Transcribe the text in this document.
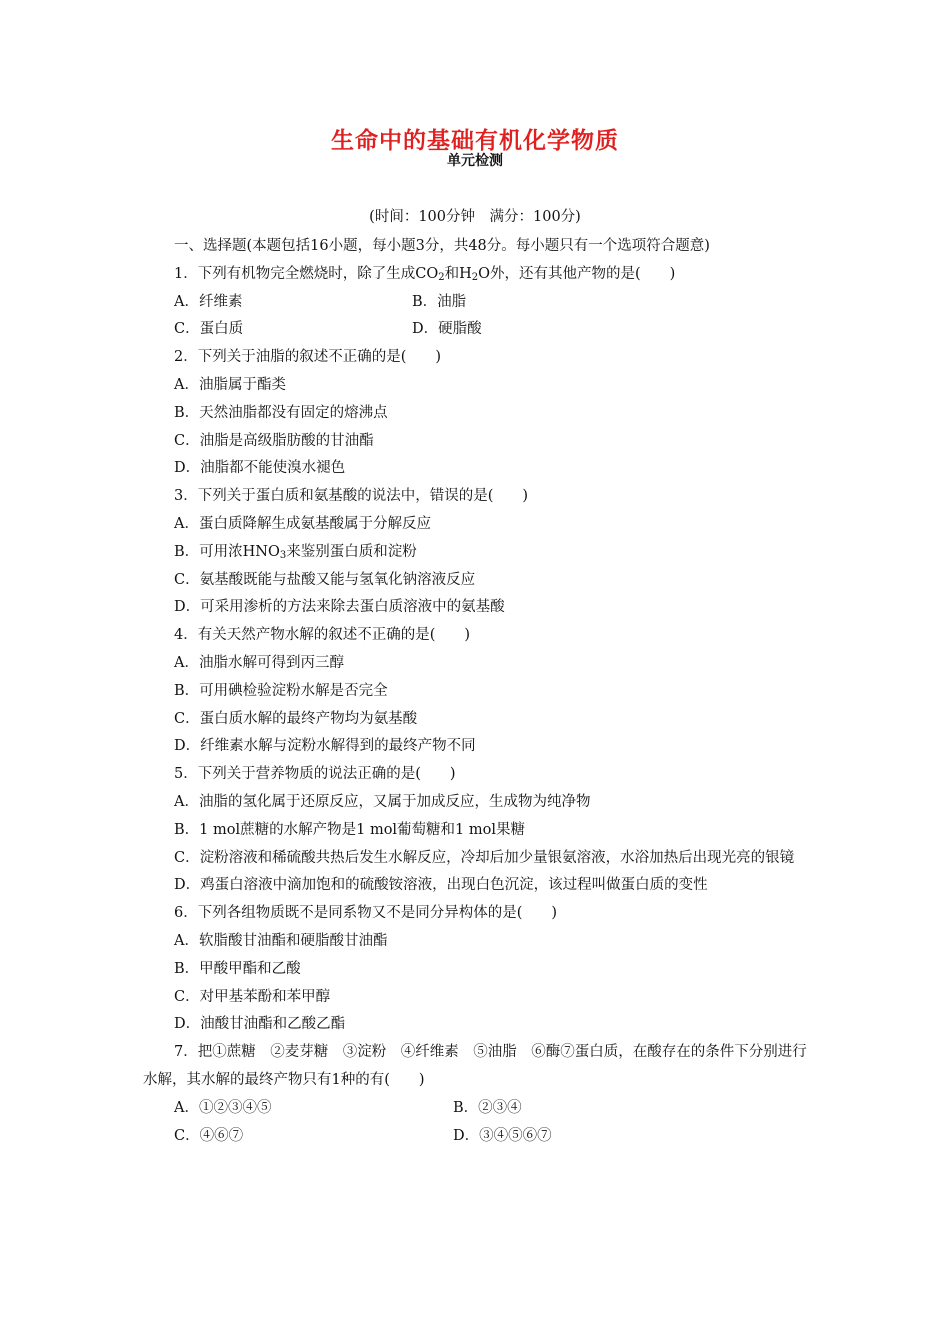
生命中的基础有机化学物质
单元检测
(时间：100分钟　满分：100分)
一、选择题(本题包括16小题，每小题3分，共48分。每小题只有一个选项符合题意)
1．下列有机物完全燃烧时，除了生成$CO_2$和$H_2O$外，还有其他产物的是(　　)
A．纤维素	B．油脂
C．蛋白质	D．硬脂酸
2．下列关于油脂的叙述不正确的是(　　)
A．油脂属于酯类
B．天然油脂都没有固定的熔沸点
C．油脂是高级脂肪酸的甘油酯
D．油脂都不能使溴水褪色
3．下列关于蛋白质和氨基酸的说法中，错误的是(　　)
A．蛋白质降解生成氨基酸属于分解反应
B．可用浓$HNO_3$来鉴别蛋白质和淀粉
C．氨基酸既能与盐酸又能与氢氧化钠溶液反应
D．可采用渗析的方法来除去蛋白质溶液中的氨基酸
4．有关天然产物水解的叙述不正确的是(　　)
A．油脂水解可得到丙三醇
B．可用碘检验淀粉水解是否完全
C．蛋白质水解的最终产物均为氨基酸
D．纤维素水解与淀粉水解得到的最终产物不同
5．下列关于营养物质的说法正确的是(　　)
A．油脂的氢化属于还原反应，又属于加成反应，生成物为纯净物
B．1 mol蔗糖的水解产物是1 mol葡萄糖和1 mol果糖
C．淀粉溶液和稀硫酸共热后发生水解反应，冷却后加少量银氨溶液，水浴加热后出现光亮的银镜
D．鸡蛋白溶液中滴加饱和的硫酸铵溶液，出现白色沉淀，该过程叫做蛋白质的变性
6．下列各组物质既不是同系物又不是同分异构体的是(　　)
A．软脂酸甘油酯和硬脂酸甘油酯
B．甲酸甲酯和乙酸
C．对甲基苯酚和苯甲醇
D．油酸甘油酯和乙酸乙酯
7．把①蔗糖　②麦芽糖　③淀粉　④纤维素　⑤油脂　⑥酶⑦蛋白质，在酸存在的条件下分别进行水解，其水解的最终产物只有1种的有(　　)
A．①②③④⑤	B．②③④
C．④⑥⑦	D．③④⑤⑥⑦
